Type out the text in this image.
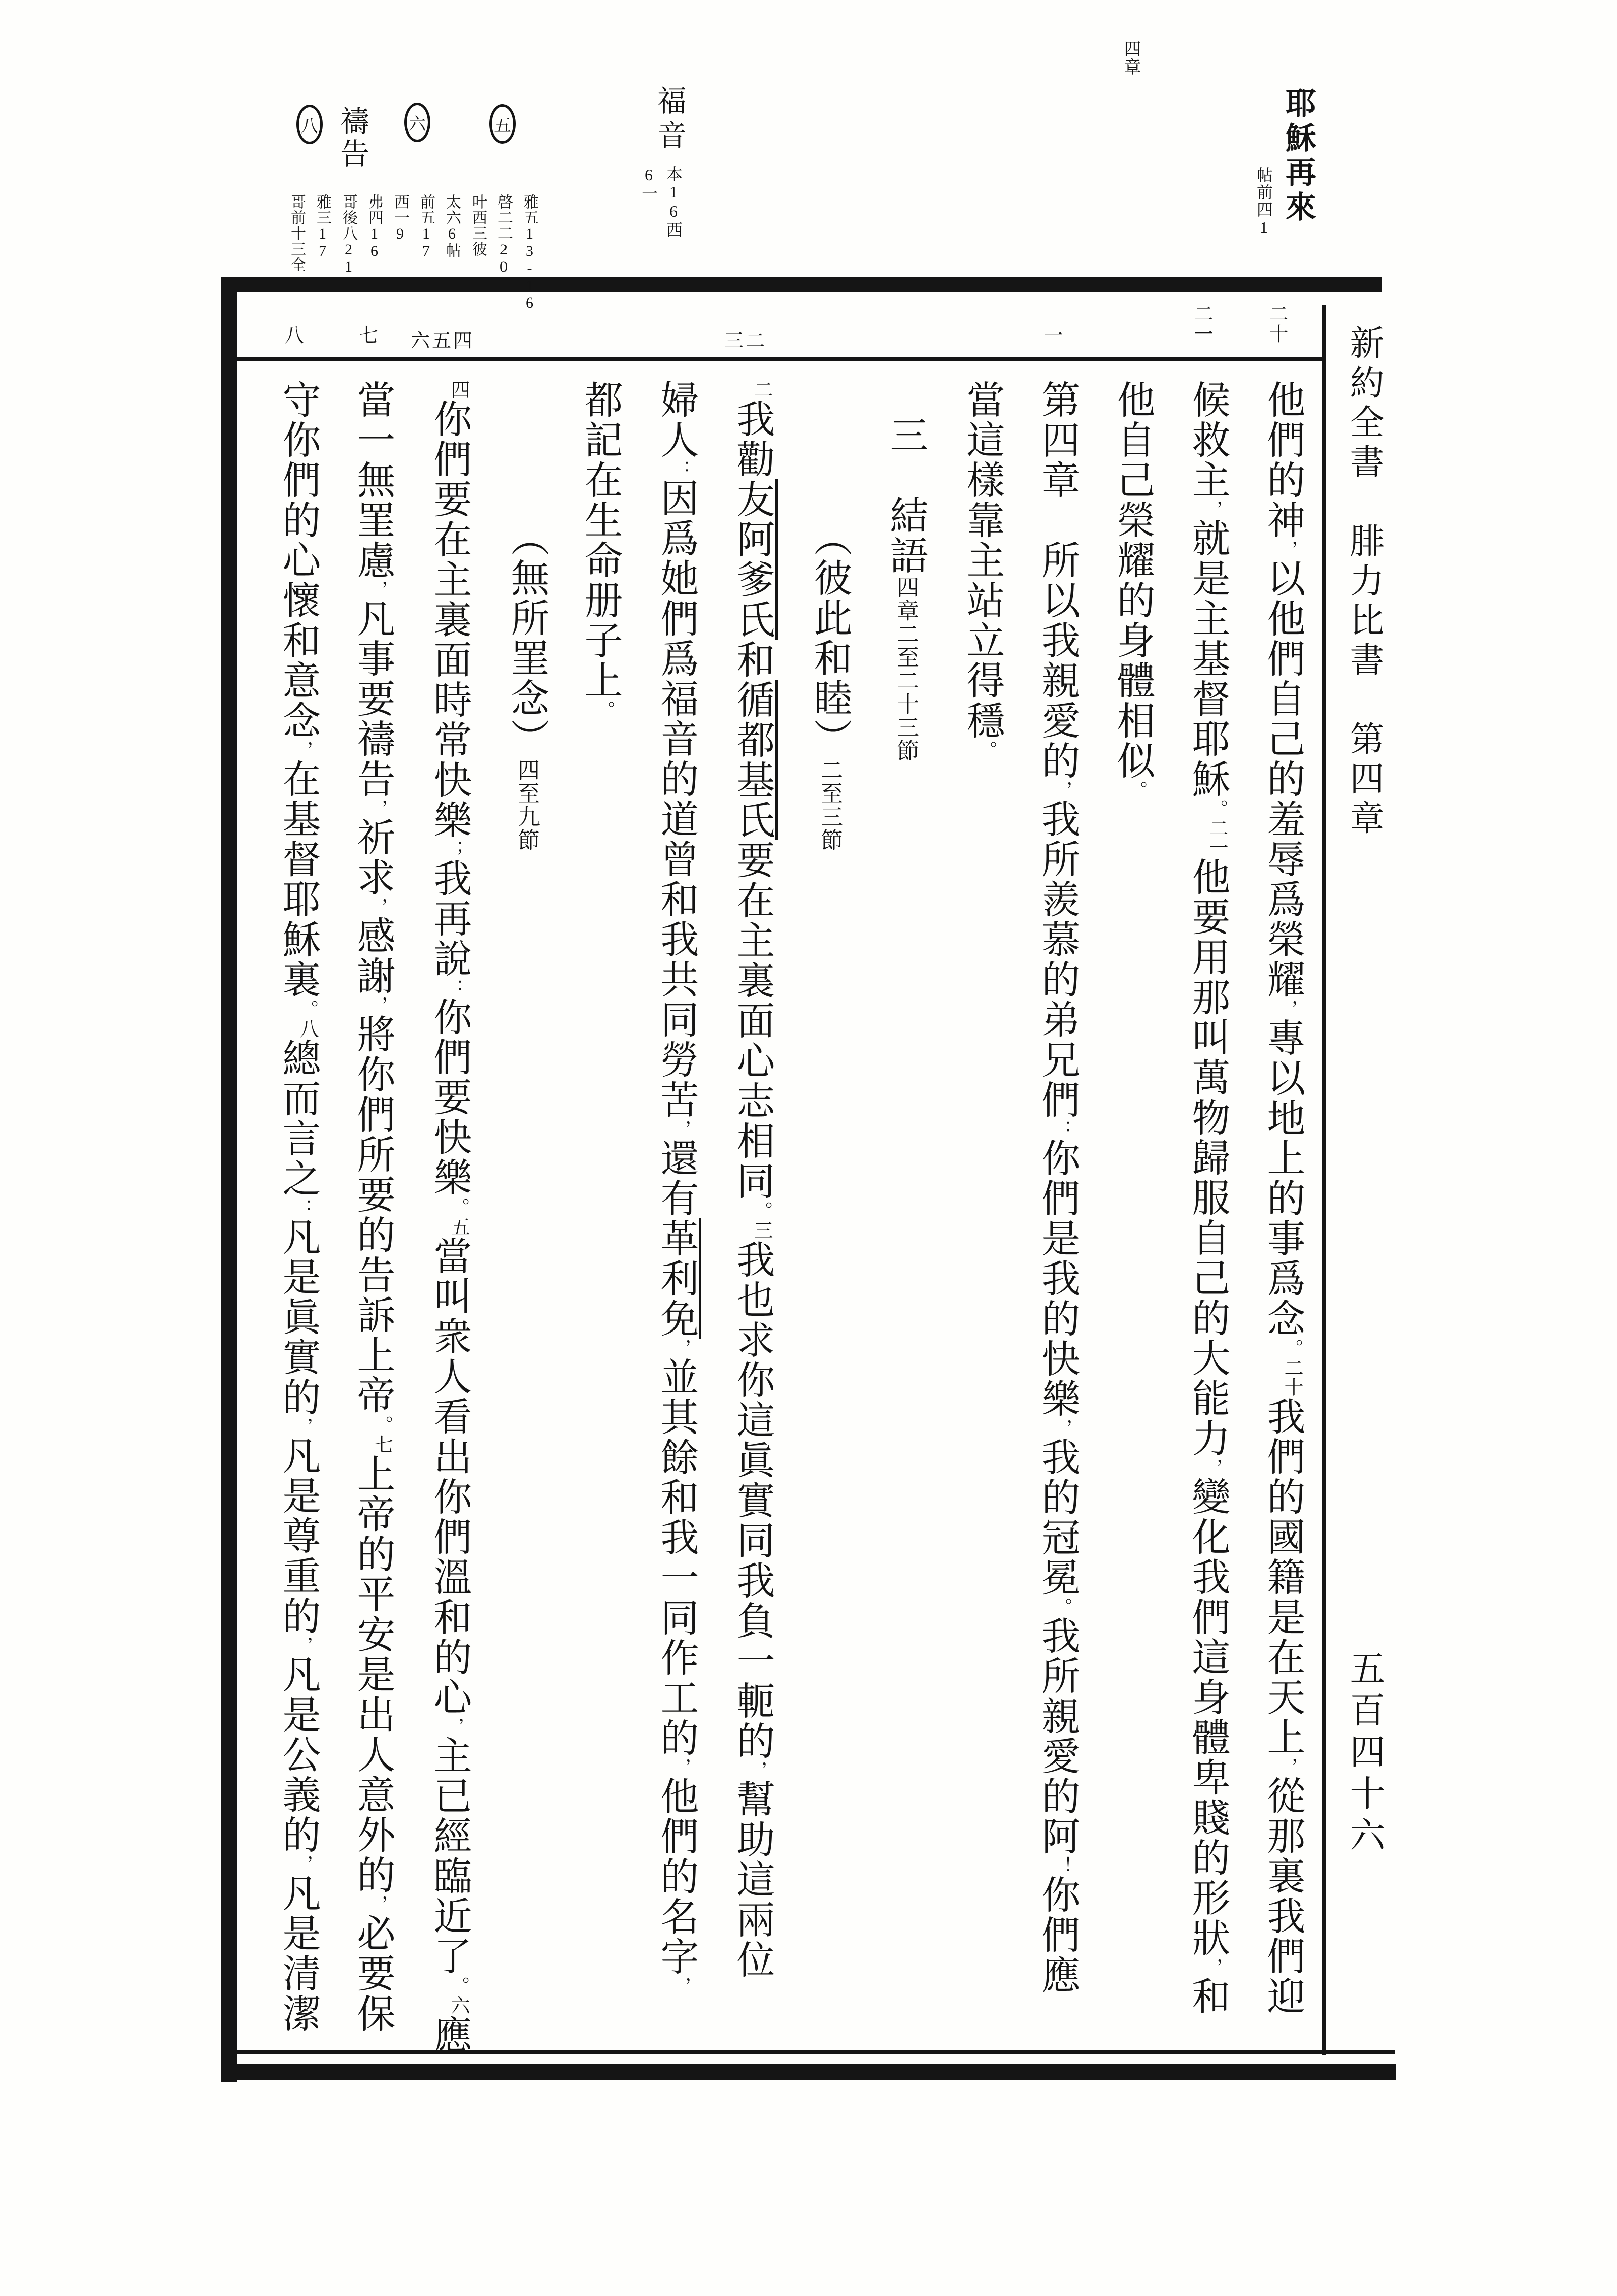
新約全書　腓力比書　第四章
五百四十六
耶穌再來
帖前四1
四章
福音
本16西
6一
五
六
八 禱告
雅五13-16
啓二二20
叶西三彼
太六6帖
前五17
西一9
弗四16
哥後八21
雅三17
哥前十三全
二十
二一
一
三二
六五四
七
八
他們的神，以他們自己的羞辱爲榮耀，專以地上的事爲念。二十我們的國籍是在天上，從那裏我們迎
候救主，就是主基督耶穌。二一他要用那叫萬物歸服自己的大能力，變化我們這身體卑賤的形狀，和
他自己榮耀的身體相似。
第四章　所以我親愛的，我所羨慕的弟兄們：你們是我的快樂，我的冠冕。我所親愛的阿！你們應
當這樣靠主站立得穩。
三　結語四章二至二十三節
（彼此和睦）二至三節
二我勸友阿爹氏和循都基氏要在主裏面心志相同。三我也求你這眞實同我負一軛的，幫助這兩位
婦人：因爲她們爲福音的道曾和我共同勞苦，還有革利免，並其餘和我一同作工的，他們的名字，
都記在生命册子上。
（無所罣念）四至九節
四你們要在主裏面時常快樂；我再說：你們要快樂。五當叫衆人看出你們溫和的心，主已經臨近了。六應
當一無罣慮，凡事要禱告，祈求，感謝，將你們所要的告訴上帝。七上帝的平安是出人意外的，必要保
守你們的心懷和意念，在基督耶穌裏。八總而言之：凡是眞實的，凡是尊重的，凡是公義的，凡是清潔
